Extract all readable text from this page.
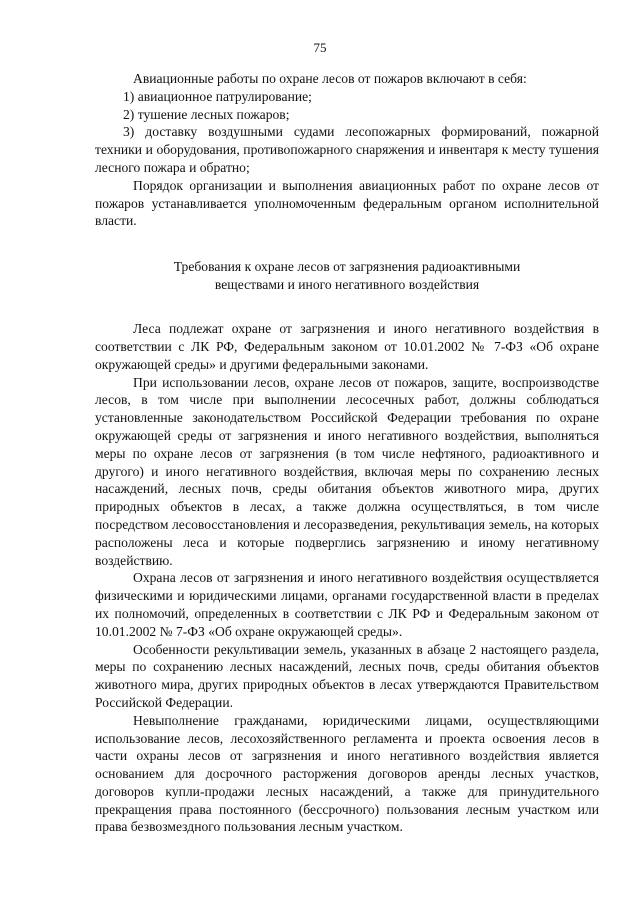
75

Авиационные работы по охране лесов от пожаров включают в себя:

1) авиационное патрулирование;

2) тушение лесных пожаров;

3) доставку воздушными судами лесопожарных формирований, пожарной техники и оборудования, противопожарного снаряжения и инвентаря к месту тушения лесного пожара и обратно;

Порядок организации и выполнения авиационных работ по охране лесов от пожаров устанавливается уполномоченным федеральным органом исполнительной власти.

Требования к охране лесов от загрязнения радиоактивными
веществами и иного негативного воздействия

Леса подлежат охране от загрязнения и иного негативного воздействия в соответствии с ЛК РФ, Федеральным законом от 10.01.2002 № 7-ФЗ «Об охране окружающей среды» и другими федеральными законами.

При использовании лесов, охране лесов от пожаров, защите, воспроизводстве лесов, в том числе при выполнении лесосечных работ, должны соблюдаться установленные законодательством Российской Федерации требования по охране окружающей среды от загрязнения и иного негативного воздействия, выполняться меры по охране лесов от загрязнения (в том числе нефтяного, радиоактивного и другого) и иного негативного воздействия, включая меры по сохранению лесных насаждений, лесных почв, среды обитания объектов животного мира, других природных объектов в лесах, а также должна осуществляться, в том числе посредством лесовосстановления и лесоразведения, рекультивация земель, на которых расположены леса и которые подверглись загрязнению и иному негативному воздействию.

Охрана лесов от загрязнения и иного негативного воздействия осуществляется физическими и юридическими лицами, органами государственной власти в пределах их полномочий, определенных в соответствии с ЛК РФ и Федеральным законом от 10.01.2002 № 7-ФЗ «Об охране окружающей среды».

Особенности рекультивации земель, указанных в абзаце 2 настоящего раздела, меры по сохранению лесных насаждений, лесных почв, среды обитания объектов животного мира, других природных объектов в лесах утверждаются Правительством Российской Федерации.

Невыполнение гражданами, юридическими лицами, осуществляющими использование лесов, лесохозяйственного регламента и проекта освоения лесов в части охраны лесов от загрязнения и иного негативного воздействия является основанием для досрочного расторжения договоров аренды лесных участков, договоров купли-продажи лесных насаждений, а также для принудительного прекращения права постоянного (бессрочного) пользования лесным участком или права безвозмездного пользования лесным участком.
